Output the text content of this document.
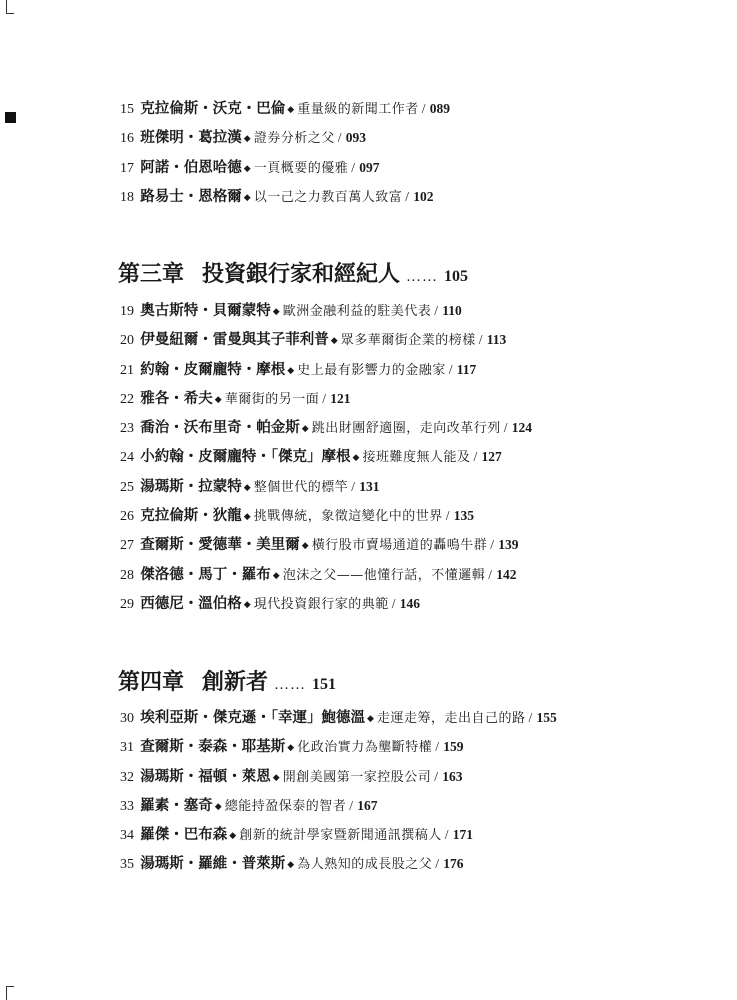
15 克拉倫斯・沃克・巴倫 ◆ 重量級的新聞工作者 / 089
16 班傑明・葛拉漢 ◆ 證券分析之父 / 093
17 阿諾・伯恩哈德 ◆ 一頁概要的優雅 / 097
18 路易士・恩格爾 ◆ 以一己之力教百萬人致富 / 102
第三章 投資銀行家和經紀人 …… 105
19 奧古斯特・貝爾蒙特 ◆ 歐洲金融利益的駐美代表 / 110
20 伊曼紐爾・雷曼與其子菲利普 ◆ 眾多華爾街企業的榜樣 / 113
21 約翰・皮爾龐特・摩根 ◆ 史上最有影響力的金融家 / 117
22 雅各・希夫 ◆ 華爾街的另一面 / 121
23 喬治・沃布里奇・帕金斯 ◆ 跳出財團舒適圈，走向改革行列 / 124
24 小約翰・皮爾龐特・「傑克」摩根 ◆ 接班難度無人能及 / 127
25 湯瑪斯・拉蒙特 ◆ 整個世代的標竿 / 131
26 克拉倫斯・狄龍 ◆ 挑戰傳統，象徵這變化中的世界 / 135
27 查爾斯・愛德華・美里爾 ◆ 橫行股市賣場通道的轟鳴牛群 / 139
28 傑洛德・馬丁・羅布 ◆ 泡沫之父——他懂行話，不懂邏輯 / 142
29 西德尼・溫伯格 ◆ 現代投資銀行家的典範 / 146
第四章 創新者 …… 151
30 埃利亞斯・傑克遜・「幸運」鮑德溫 ◆ 走運走筹，走出自己的路 / 155
31 查爾斯・泰森・耶基斯 ◆ 化政治實力為壟斷特權 / 159
32 湯瑪斯・福頓・萊恩 ◆ 開創美國第一家控股公司 / 163
33 羅素・塞奇 ◆ 總能持盈保泰的智者 / 167
34 羅傑・巴布森 ◆ 創新的統計學家暨新聞通訊撰稿人 / 171
35 湯瑪斯・羅維・普萊斯 ◆ 為人熟知的成長股之父 / 176
